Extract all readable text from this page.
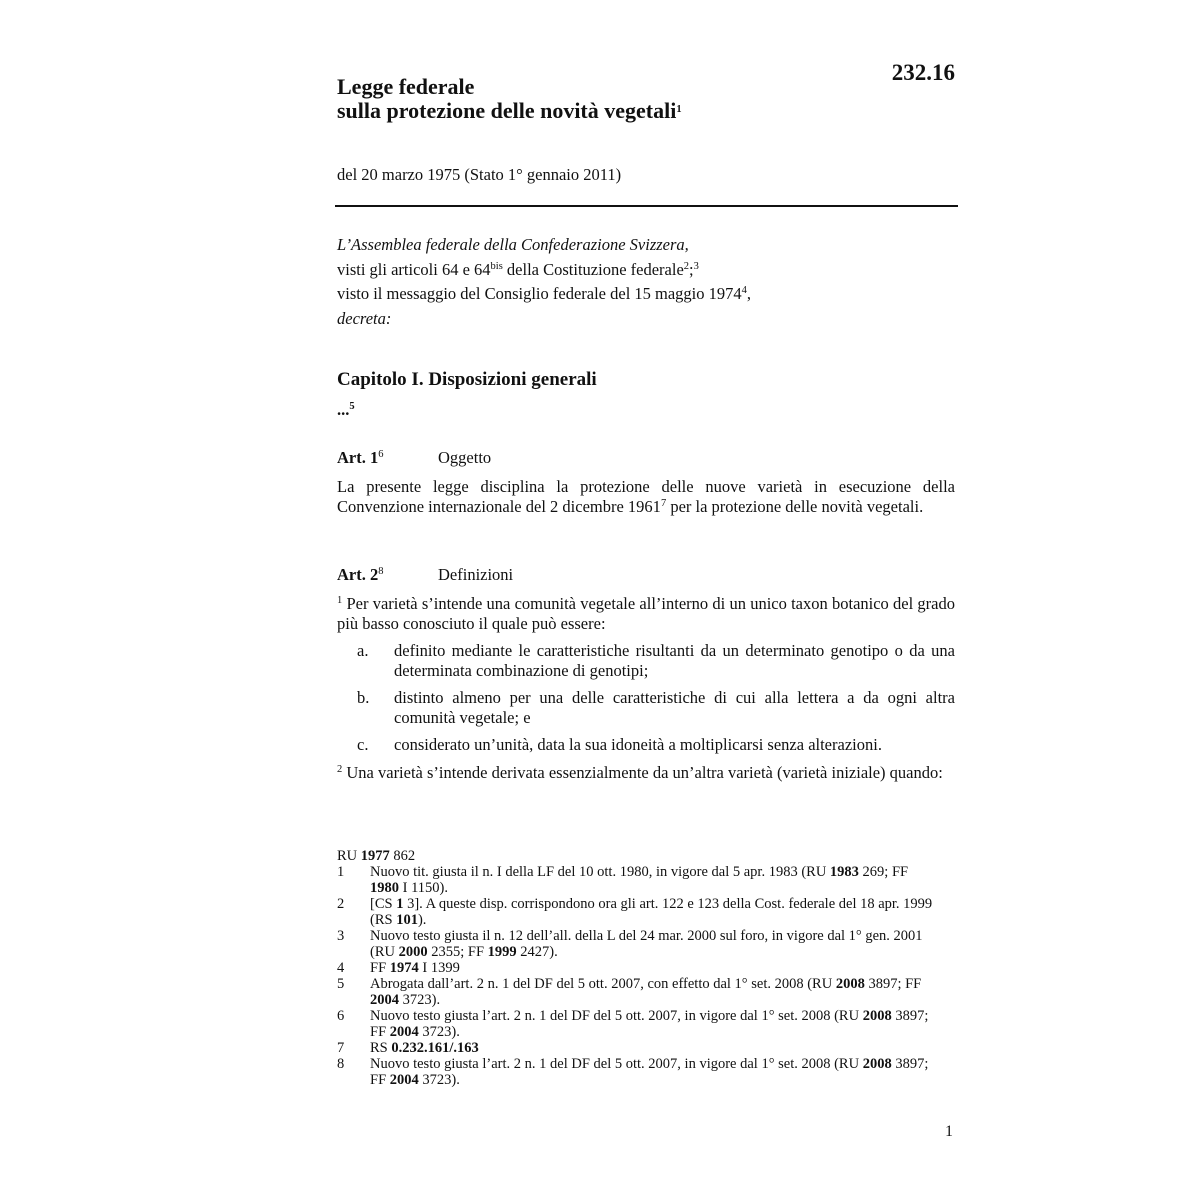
232.16
Legge federale
sulla protezione delle novità vegetali$^1$
del 20 marzo 1975 (Stato 1° gennaio 2011)
L’Assemblea federale della Confederazione Svizzera,
visti gli articoli 64 e $64^{bis}$ della Costituzione federale$^2$;$^3$
visto il messaggio del Consiglio federale del 15 maggio 1974$^4$,
decreta:
Capitolo I. Disposizioni generali
...$^5$
Art. $1^6$	Oggetto

La presente legge disciplina la protezione delle nuove varietà in esecuzione della Convenzione internazionale del 2 dicembre 1961$^7$ per la protezione delle novità vegetali.

Art. $2^8$	Definizioni

$^1$ Per varietà s’intende una comunità vegetale all’interno di un unico taxon botanico del grado più basso conosciuto il quale può essere:

a. definito mediante le caratteristiche risultanti da un determinato genotipo o da una determinata combinazione di genotipi;

b. distinto almeno per una delle caratteristiche di cui alla lettera a da ogni altra comunità vegetale; e

c. considerato un’unità, data la sua idoneità a moltiplicarsi senza alterazioni.

$^2$ Una varietà s’intende derivata essenzialmente da un’altra varietà (varietà iniziale) quando:

RU 1977 862
1 Nuovo tit. giusta il n. I della LF del 10 ott. 1980, in vigore dal 5 apr. 1983 (RU 1983 269; FF 1980 I 1150).
2 [CS 1 3]. A queste disp. corrispondono ora gli art. 122 e 123 della Cost. federale del 18 apr. 1999 (RS 101).
3 Nuovo testo giusta il n. 12 dell’all. della L del 24 mar. 2000 sul foro, in vigore dal 1° gen. 2001 (RU 2000 2355; FF 1999 2427).
4 FF 1974 I 1399
5 Abrogata dall’art. 2 n. 1 del DF del 5 ott. 2007, con effetto dal 1° set. 2008 (RU 2008 3897; FF 2004 3723).
6 Nuovo testo giusta l’art. 2 n. 1 del DF del 5 ott. 2007, in vigore dal 1° set. 2008 (RU 2008 3897; FF 2004 3723).
7 RS 0.232.161/.163
8 Nuovo testo giusta l’art. 2 n. 1 del DF del 5 ott. 2007, in vigore dal 1° set. 2008 (RU 2008 3897; FF 2004 3723).
1
